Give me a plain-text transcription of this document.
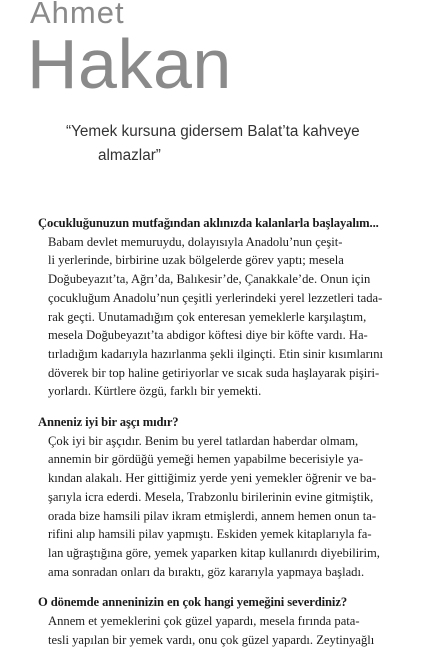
Ahmet
Hakan

“Yemek kursuna gidersem Balat’ta kahveye
almazlar”

Çocukluğunuzun mutfağından aklınızda kalanlarla başlayalım...

Babam devlet memuruydu, dolayısıyla Anadolu’nun çeşit-
li yerlerinde, birbirine uzak bölgelerde görev yaptı; mesela
Doğubeyazıt’ta, Ağrı’da, Balıkesir’de, Çanakkale’de. Onun için
çocukluğum Anadolu’nun çeşitli yerlerindeki yerel lezzetleri tada-
rak geçti. Unutamadığım çok enteresan yemeklerle karşılaştım,
mesela Doğubeyazıt’ta abdigor köftesi diye bir köfte vardı. Ha-
tırladığım kadarıyla hazırlanma şekli ilginçti. Etin sinir kısımlarını
döverek bir top haline getiriyorlar ve sıcak suda haşlayarak pişiri-
yorlardı. Kürtlere özgü, farklı bir yemekti.

Anneniz iyi bir aşçı mıdır?

Çok iyi bir aşçıdır. Benim bu yerel tatlardan haberdar olmam,
annemin bir gördüğü yemeği hemen yapabilme becerisiyle ya-
kından alakalı. Her gittiğimiz yerde yeni yemekler öğrenir ve ba-
şarıyla icra ederdi. Mesela, Trabzonlu birilerinin evine gitmiştik,
orada bize hamsili pilav ikram etmişlerdi, annem hemen onun ta-
rifini alıp hamsili pilav yapmıştı. Eskiden yemek kitaplarıyla fa-
lan uğraştığına göre, yemek yaparken kitap kullanırdı diyebilirim,
ama sonradan onları da bıraktı, göz kararıyla yapmaya başladı.

O dönemde anneninizin en çok hangi yemeğini severdiniz?

Annem et yemeklerini çok güzel yapardı, mesela fırında pata-
tesli yapılan bir yemek vardı, onu çok güzel yapardı. Zeytinyağlı
